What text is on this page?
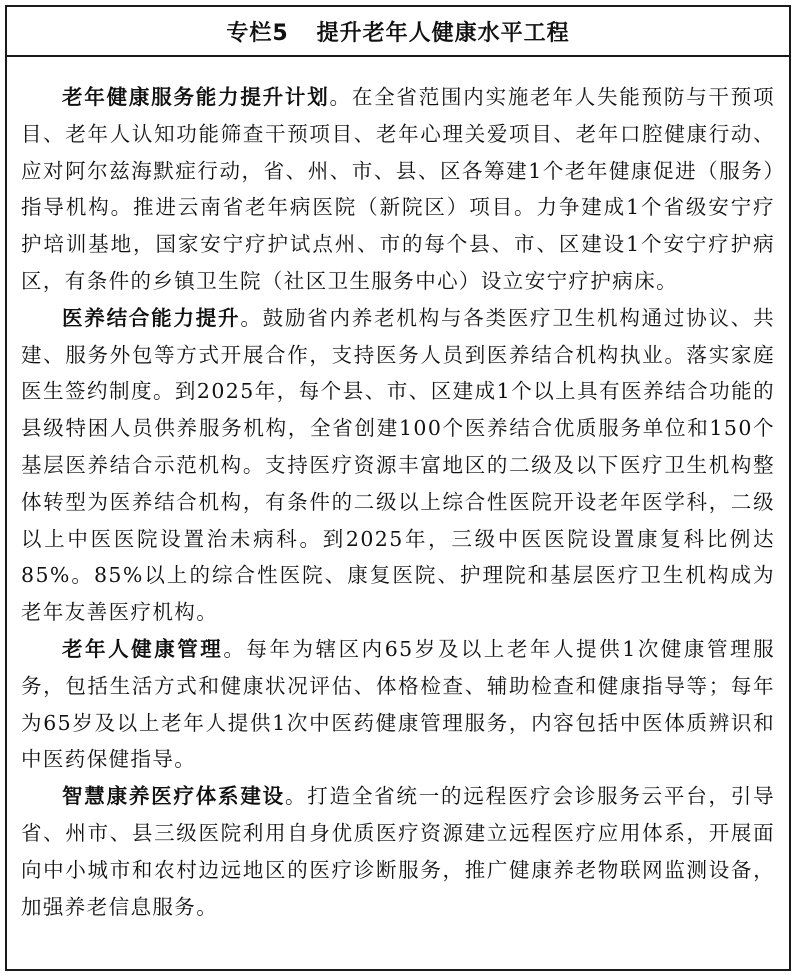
专栏5 提升老年人健康水平工程

老年健康服务能力提升计划。在全省范围内实施老年人失能预防与干预项目、老年人认知功能筛查干预项目、老年心理关爱项目、老年口腔健康行动、应对阿尔兹海默症行动，省、州、市、县、区各筹建1个老年健康促进（服务）指导机构。推进云南省老年病医院（新院区）项目。力争建成1个省级安宁疗护培训基地，国家安宁疗护试点州、市的每个县、市、区建设1个安宁疗护病区，有条件的乡镇卫生院（社区卫生服务中心）设立安宁疗护病床。

医养结合能力提升。鼓励省内养老机构与各类医疗卫生机构通过协议、共建、服务外包等方式开展合作，支持医务人员到医养结合机构执业。落实家庭医生签约制度。到2025年，每个县、市、区建成1个以上具有医养结合功能的县级特困人员供养服务机构，全省创建100个医养结合优质服务单位和150个基层医养结合示范机构。支持医疗资源丰富地区的二级及以下医疗卫生机构整体转型为医养结合机构，有条件的二级以上综合性医院开设老年医学科，二级以上中医医院设置治未病科。到2025年，三级中医医院设置康复科比例达85%。85%以上的综合性医院、康复医院、护理院和基层医疗卫生机构成为老年友善医疗机构。

老年人健康管理。每年为辖区内65岁及以上老年人提供1次健康管理服务，包括生活方式和健康状况评估、体格检查、辅助检查和健康指导等；每年为65岁及以上老年人提供1次中医药健康管理服务，内容包括中医体质辨识和中医药保健指导。

智慧康养医疗体系建设。打造全省统一的远程医疗会诊服务云平台，引导省、州市、县三级医院利用自身优质医疗资源建立远程医疗应用体系，开展面向中小城市和农村边远地区的医疗诊断服务，推广健康养老物联网监测设备，加强养老信息服务。
